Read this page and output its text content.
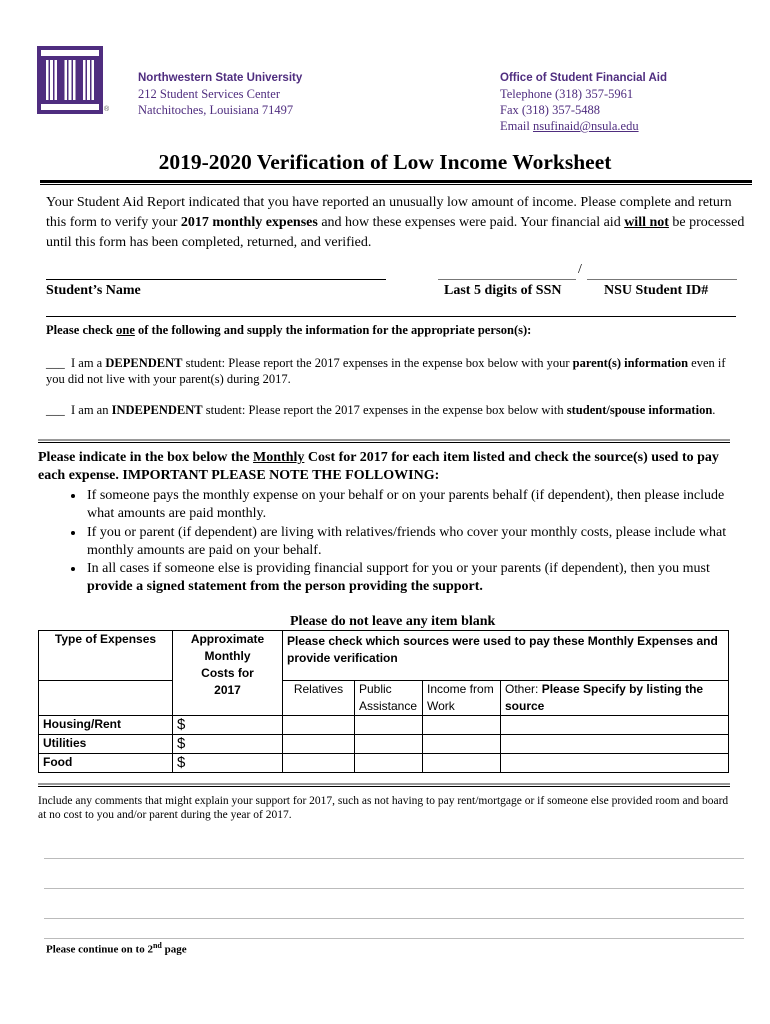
®
Northwestern State University
212 Student Services Center
Natchitoches, Louisiana 71497
Office of Student Financial Aid
Telephone (318) 357-5961
Fax (318) 357-5488
Email nsufinaid@nsula.edu
2019-2020 Verification of Low Income Worksheet
Your Student Aid Report indicated that you have reported an unusually low amount of income. Please complete and return this form to verify your 2017 monthly expenses and how these expenses were paid. Your financial aid will not be processed until this form has been completed, returned, and verified.
Student’s Name
/
Last 5 digits of SSN	NSU Student ID#
Please check one of the following and supply the information for the appropriate person(s):
___ I am a DEPENDENT student: Please report the 2017 expenses in the expense box below with your parent(s) information even if you did not live with your parent(s) during 2017.
___ I am an INDEPENDENT student: Please report the 2017 expenses in the expense box below with student/spouse information.
Please indicate in the box below the Monthly Cost for 2017 for each item listed and check the source(s) used to pay each expense. IMPORTANT PLEASE NOTE THE FOLLOWING:
• If someone pays the monthly expense on your behalf or on your parents behalf (if dependent), then please include what amounts are paid monthly.
• If you or parent (if dependent) are living with relatives/friends who cover your monthly costs, please include what monthly amounts are paid on your behalf.
• In all cases if someone else is providing financial support for you or your parents (if dependent), then you must provide a signed statement from the person providing the support.
Please do not leave any item blank
Type of Expenses	Approximate Monthly Costs for 2017	Please check which sources were used to pay these Monthly Expenses and provide verification			
		Relatives	Public Assistance	Income from Work	Other: Please Specify by listing the source
Housing/Rent	$				
Utilities	$				
Food	$				
Include any comments that might explain your support for 2017, such as not having to pay rent/mortgage or if someone else provided room and board at no cost to you and/or parent during the year of 2017.
Please continue on to 2nd page
